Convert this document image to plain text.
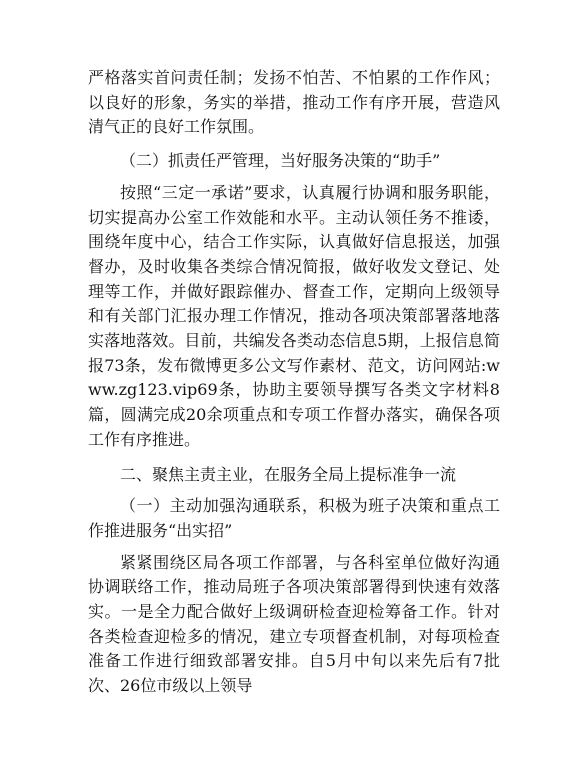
严格落实首问责任制；发扬不怕苦、不怕累的工作作风；以良好的形象，务实的举措，推动工作有序开展，营造风清气正的良好工作氛围。

（二）抓责任严管理，当好服务决策的“助手”

按照“三定一承诺”要求，认真履行协调和服务职能，切实提高办公室工作效能和水平。主动认领任务不推诿，围绕年度中心，结合工作实际，认真做好信息报送，加强督办，及时收集各类综合情况简报，做好收发文登记、处理等工作，并做好跟踪催办、督查工作，定期向上级领导和有关部门汇报办理工作情况，推动各项决策部署落地落实落地落效。目前，共编发各类动态信息5期，上报信息简报73条，发布微博更多公文写作素材、范文，访问网站:www.zg123.vip69条，协助主要领导撰写各类文字材料8篇，圆满完成20余项重点和专项工作督办落实，确保各项工作有序推进。

二、聚焦主责主业，在服务全局上提标准争一流

（一）主动加强沟通联系，积极为班子决策和重点工作推进服务“出实招”

紧紧围绕区局各项工作部署，与各科室单位做好沟通协调联络工作，推动局班子各项决策部署得到快速有效落实。一是全力配合做好上级调研检查迎检筹备工作。针对各类检查迎检多的情况，建立专项督查机制，对每项检查准备工作进行细致部署安排。自5月中旬以来先后有7批次、26位市级以上领导
